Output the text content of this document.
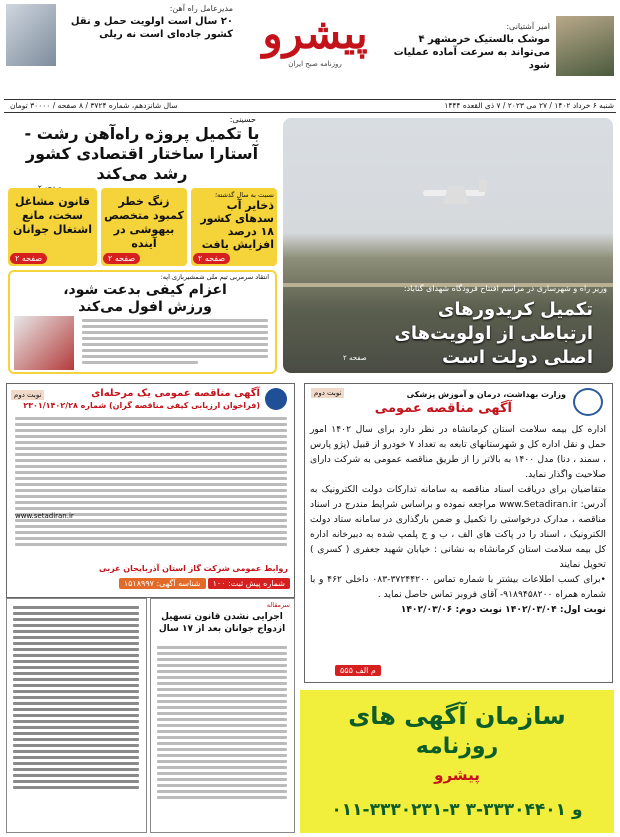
مدیرعامل راه آهن:
۲۰ سال است اولویت حمل و نقل کشور جاده‌ای است نه ریلی پیشرو
روزنامه صبح ایران
امیر آشتیانی:
موشک بالستیک خرمشهر ۴ می‌تواند به سرعت آماده عملیات شود
شنبه ۶ خرداد ۱۴۰۲ / ۲۷ می ۲۰۲۳ / ۷ ذی القعده ۱۴۴۴
سال شانزدهم، شماره ۳۷۲۴ / ۸ صفحه / ۳۰۰۰۰ تومان
وزیر راه و شهرسازی در مراسم افتتاح فرودگاه شهدای گناباد:
تکمیل کریدورهای ارتباطی از اولویت‌های اصلی دولت است
صفحه ۲
حسینی:
با تکمیل پروژه راه‌آهن رشت - آستارا ساختار اقتصادی کشور رشد می‌کند
نسبت به سال گذشته؛
ذخایر آب سدهای کشور ۱۸ درصد افزایش یافت
صفحه ۲
زنگ خطر کمبود متخصص بیهوشی در آینده
صفحه ۲
قانون مشاغل سخت، مانع اشتغال جوانان
صفحه ۲
انتقاد سرمربی تیم ملی شمشیربازی اپه:
اعزام کیفی بدعت شود، ورزش افول می‌کند
نوبت دوم	وزارت بهداشت، درمان و آموزش پزشکی
آگهی مناقصه عمومی
اداره کل بیمه سلامت استان کرمانشاه در نظر دارد برای سال ۱۴۰۲ امور حمل و نقل اداره کل و شهرستانهای تابعه به تعداد ۷ خودرو از قبیل (پژو پارس ، سمند ، دنا) مدل ۱۴۰۰ به بالاتر را از طریق مناقصه عمومی به شرکت دارای صلاحیت واگذار نماید.
متقاضیان برای دریافت اسناد مناقصه به سامانه تدارکات دولت الکترونیک به آدرس: www.Setadiran.ir مراجعه نموده و براساس شرایط مندرج در اسناد مناقصه ، مدارک درخواستی را تکمیل و ضمن بارگذاری در سامانه ستاد دولت الکترونیک ، اسناد را در پاکت های الف ، ب و ج پلمپ شده به دبیرخانه اداره کل بیمه سلامت استان کرمانشاه به نشانی : خیابان شهید جعفری ( کسری ) تحویل نمایند
•برای کسب اطلاعات بیشتر با شماره تماس ۳۷۲۴۴۲۰۰-۰۸۳ داخلی ۴۶۲ و با شماره همراه ۹۱۸۹۴۵۸۲۰۰- آقای فروبر تماس حاصل نماید .
نوبت اول: ۱۴۰۲/۰۳/۰۴ نوبت دوم: ۱۴۰۲/۰۳/۰۶
م الف ۵۵۵
نوبت دوم	آگهی مناقصه عمومی یک مرحله‌ای
(فراخوان ارزیابی کیفی مناقصه گران) شماره ۲۳۰۱/۱۴۰۲/۲۸
www.setadiran.ir
روابط عمومی شرکت گاز استان آذربایجان غربی
شماره پیش ثبت: ۱۰۰
شناسه آگهی: ۱۵۱۸۹۹۷
سرمقاله
اجرایی نشدن قانون تسهیل ازدواج جوانان بعد از ۱۷ سال
سازمان آگهی های
روزنامه
پیشرو
۰۱۱-۳۳۳۰۲۳۱-۳ و ۳۳۳۰۴۴۰۱-۳
